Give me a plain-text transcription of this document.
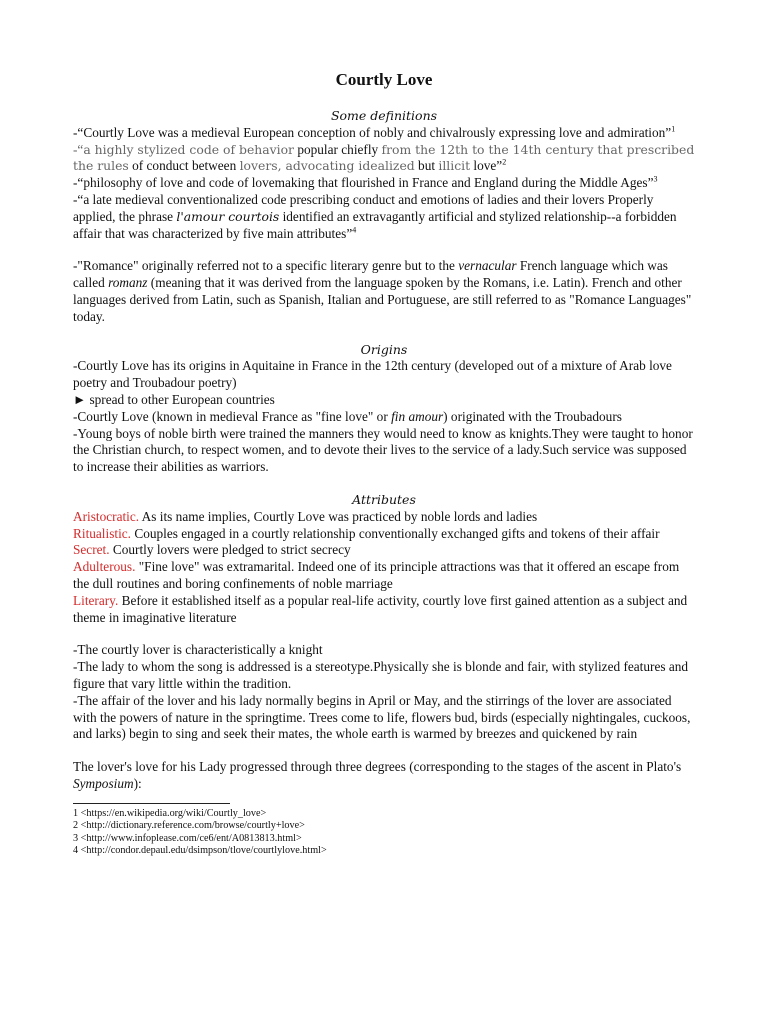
Courtly Love

Some definitions

-“Courtly Love was a medieval European conception of nobly and chivalrously expressing love and admiration”$^1$

-“a highly stylized code of behavior popular chiefly from the 12th to the 14th century that prescribed the rules of conduct between lovers, advocating idealized but illicit love”$^2$

-“philosophy of love and code of lovemaking that flourished in France and England during the Middle Ages”$^3$

-“a late medieval conventionalized code prescribing conduct and emotions of ladies and their lovers Properly applied, the phrase l'amour courtois identified an extravagantly artificial and stylized relationship--a forbidden affair that was characterized by five main attributes”$^4$

-"Romance" originally referred not to a specific literary genre but to the vernacular French language which was called romanz (meaning that it was derived from the language spoken by the Romans, i.e. Latin). French and other languages derived from Latin, such as Spanish, Italian and Portuguese, are still referred to as "Romance Languages" today.

Origins

-Courtly Love has its origins in Aquitaine in France in the 12th century (developed out of a mixture of Arab love poetry and Troubadour poetry)

► spread to other European countries

-Courtly Love (known in medieval France as "fine love" or fin amour) originated with the Troubadours

-Young boys of noble birth were trained the manners they would need to know as knights.They were taught to honor the Christian church, to respect women, and to devote their lives to the service of a lady.Such service was supposed to increase their abilities as warriors.

Attributes

Aristocratic. As its name implies, Courtly Love was practiced by noble lords and ladies

Ritualistic. Couples engaged in a courtly relationship conventionally exchanged gifts and tokens of their affair

Secret. Courtly lovers were pledged to strict secrecy

Adulterous. "Fine love" was extramarital. Indeed one of its principle attractions was that it offered an escape from the dull routines and boring confinements of noble marriage

Literary. Before it established itself as a popular real-life activity, courtly love first gained attention as a subject and theme in imaginative literature

-The courtly lover is characteristically a knight

-The lady to whom the song is addressed is a stereotype.Physically she is blonde and fair, with stylized features and figure that vary little within the tradition.

-The affair of the lover and his lady normally begins in April or May, and the stirrings of the lover are associated with the powers of nature in the springtime. Trees come to life, flowers bud, birds (especially nightingales, cuckoos, and larks) begin to sing and seek their mates, the whole earth is warmed by breezes and quickened by rain

The lover's love for his Lady progressed through three degrees (corresponding to the stages of the ascent in Plato's Symposium):

1 <https://en.wikipedia.org/wiki/Courtly_love>
2 <http://dictionary.reference.com/browse/courtly+love>
3 <http://www.infoplease.com/ce6/ent/A0813813.html>
4 <http://condor.depaul.edu/dsimpson/tlove/courtlylove.html>
